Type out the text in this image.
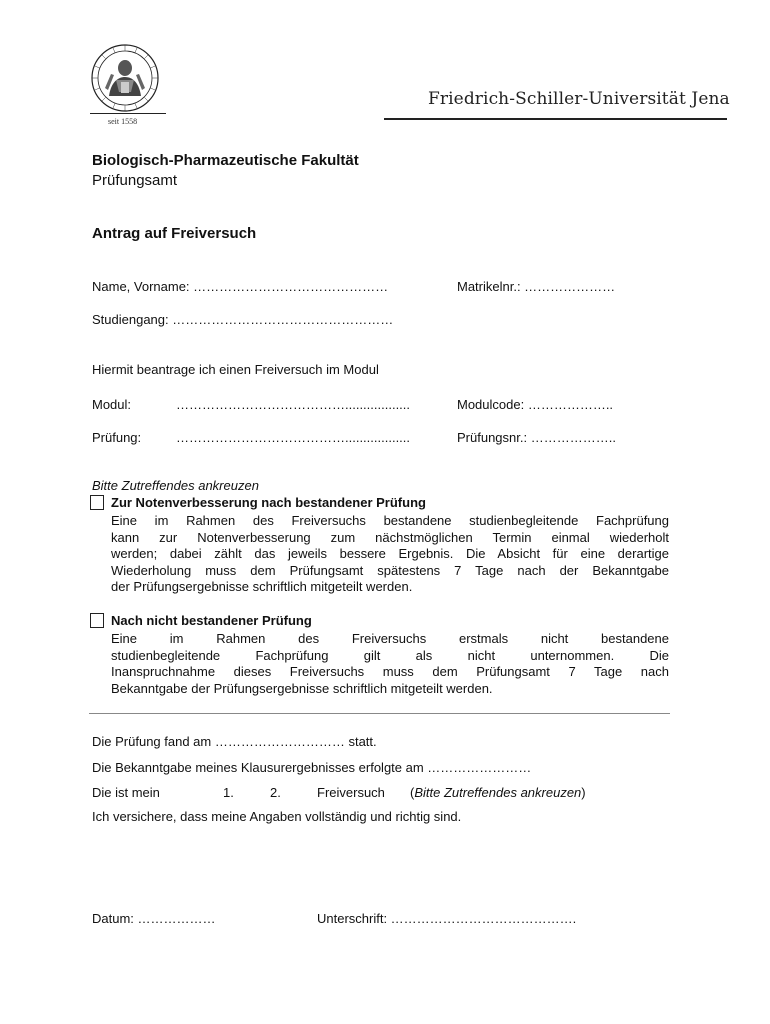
seit 1558
Friedrich-Schiller-Universität Jena
Biologisch-Pharmazeutische Fakultät
Prüfungsamt
Antrag auf Freiversuch
Name, Vorname: ………………………………………	Matrikelnr.: …………………
Studiengang: ……………………………………………
Hiermit beantrage ich einen Freiversuch im Modul
Modul:	…………………………………..................	Modulcode: ………………..
Prüfung:	…………………………………..................	Prüfungsnr.: ………………..
Bitte Zutreffendes ankreuzen
Zur Notenverbesserung nach bestandener Prüfung
Eine im Rahmen des Freiversuchs bestandene studienbegleitende Fachprüfung
kann zur Notenverbesserung zum nächstmöglichen Termin einmal wiederholt
werden; dabei zählt das jeweils bessere Ergebnis. Die Absicht für eine derartige
Wiederholung muss dem Prüfungsamt spätestens 7 Tage nach der Bekanntgabe
der Prüfungsergebnisse schriftlich mitgeteilt werden.
Nach nicht bestandener Prüfung
Eine im Rahmen des Freiversuchs erstmals nicht bestandene
studienbegleitende Fachprüfung gilt als nicht unternommen. Die
Inanspruchnahme dieses Freiversuchs muss dem Prüfungsamt 7 Tage nach
Bekanntgabe der Prüfungsergebnisse schriftlich mitgeteilt werden.
Die Prüfung fand am ………………………… statt.
Die Bekanntgabe meines Klausurergebnisses erfolgte am ……………………
Die ist mein	1.	2.	Freiversuch (Bitte Zutreffendes ankreuzen)
Ich versichere, dass meine Angaben vollständig und richtig sind.
Datum: ………………	Unterschrift: …………………………………….
